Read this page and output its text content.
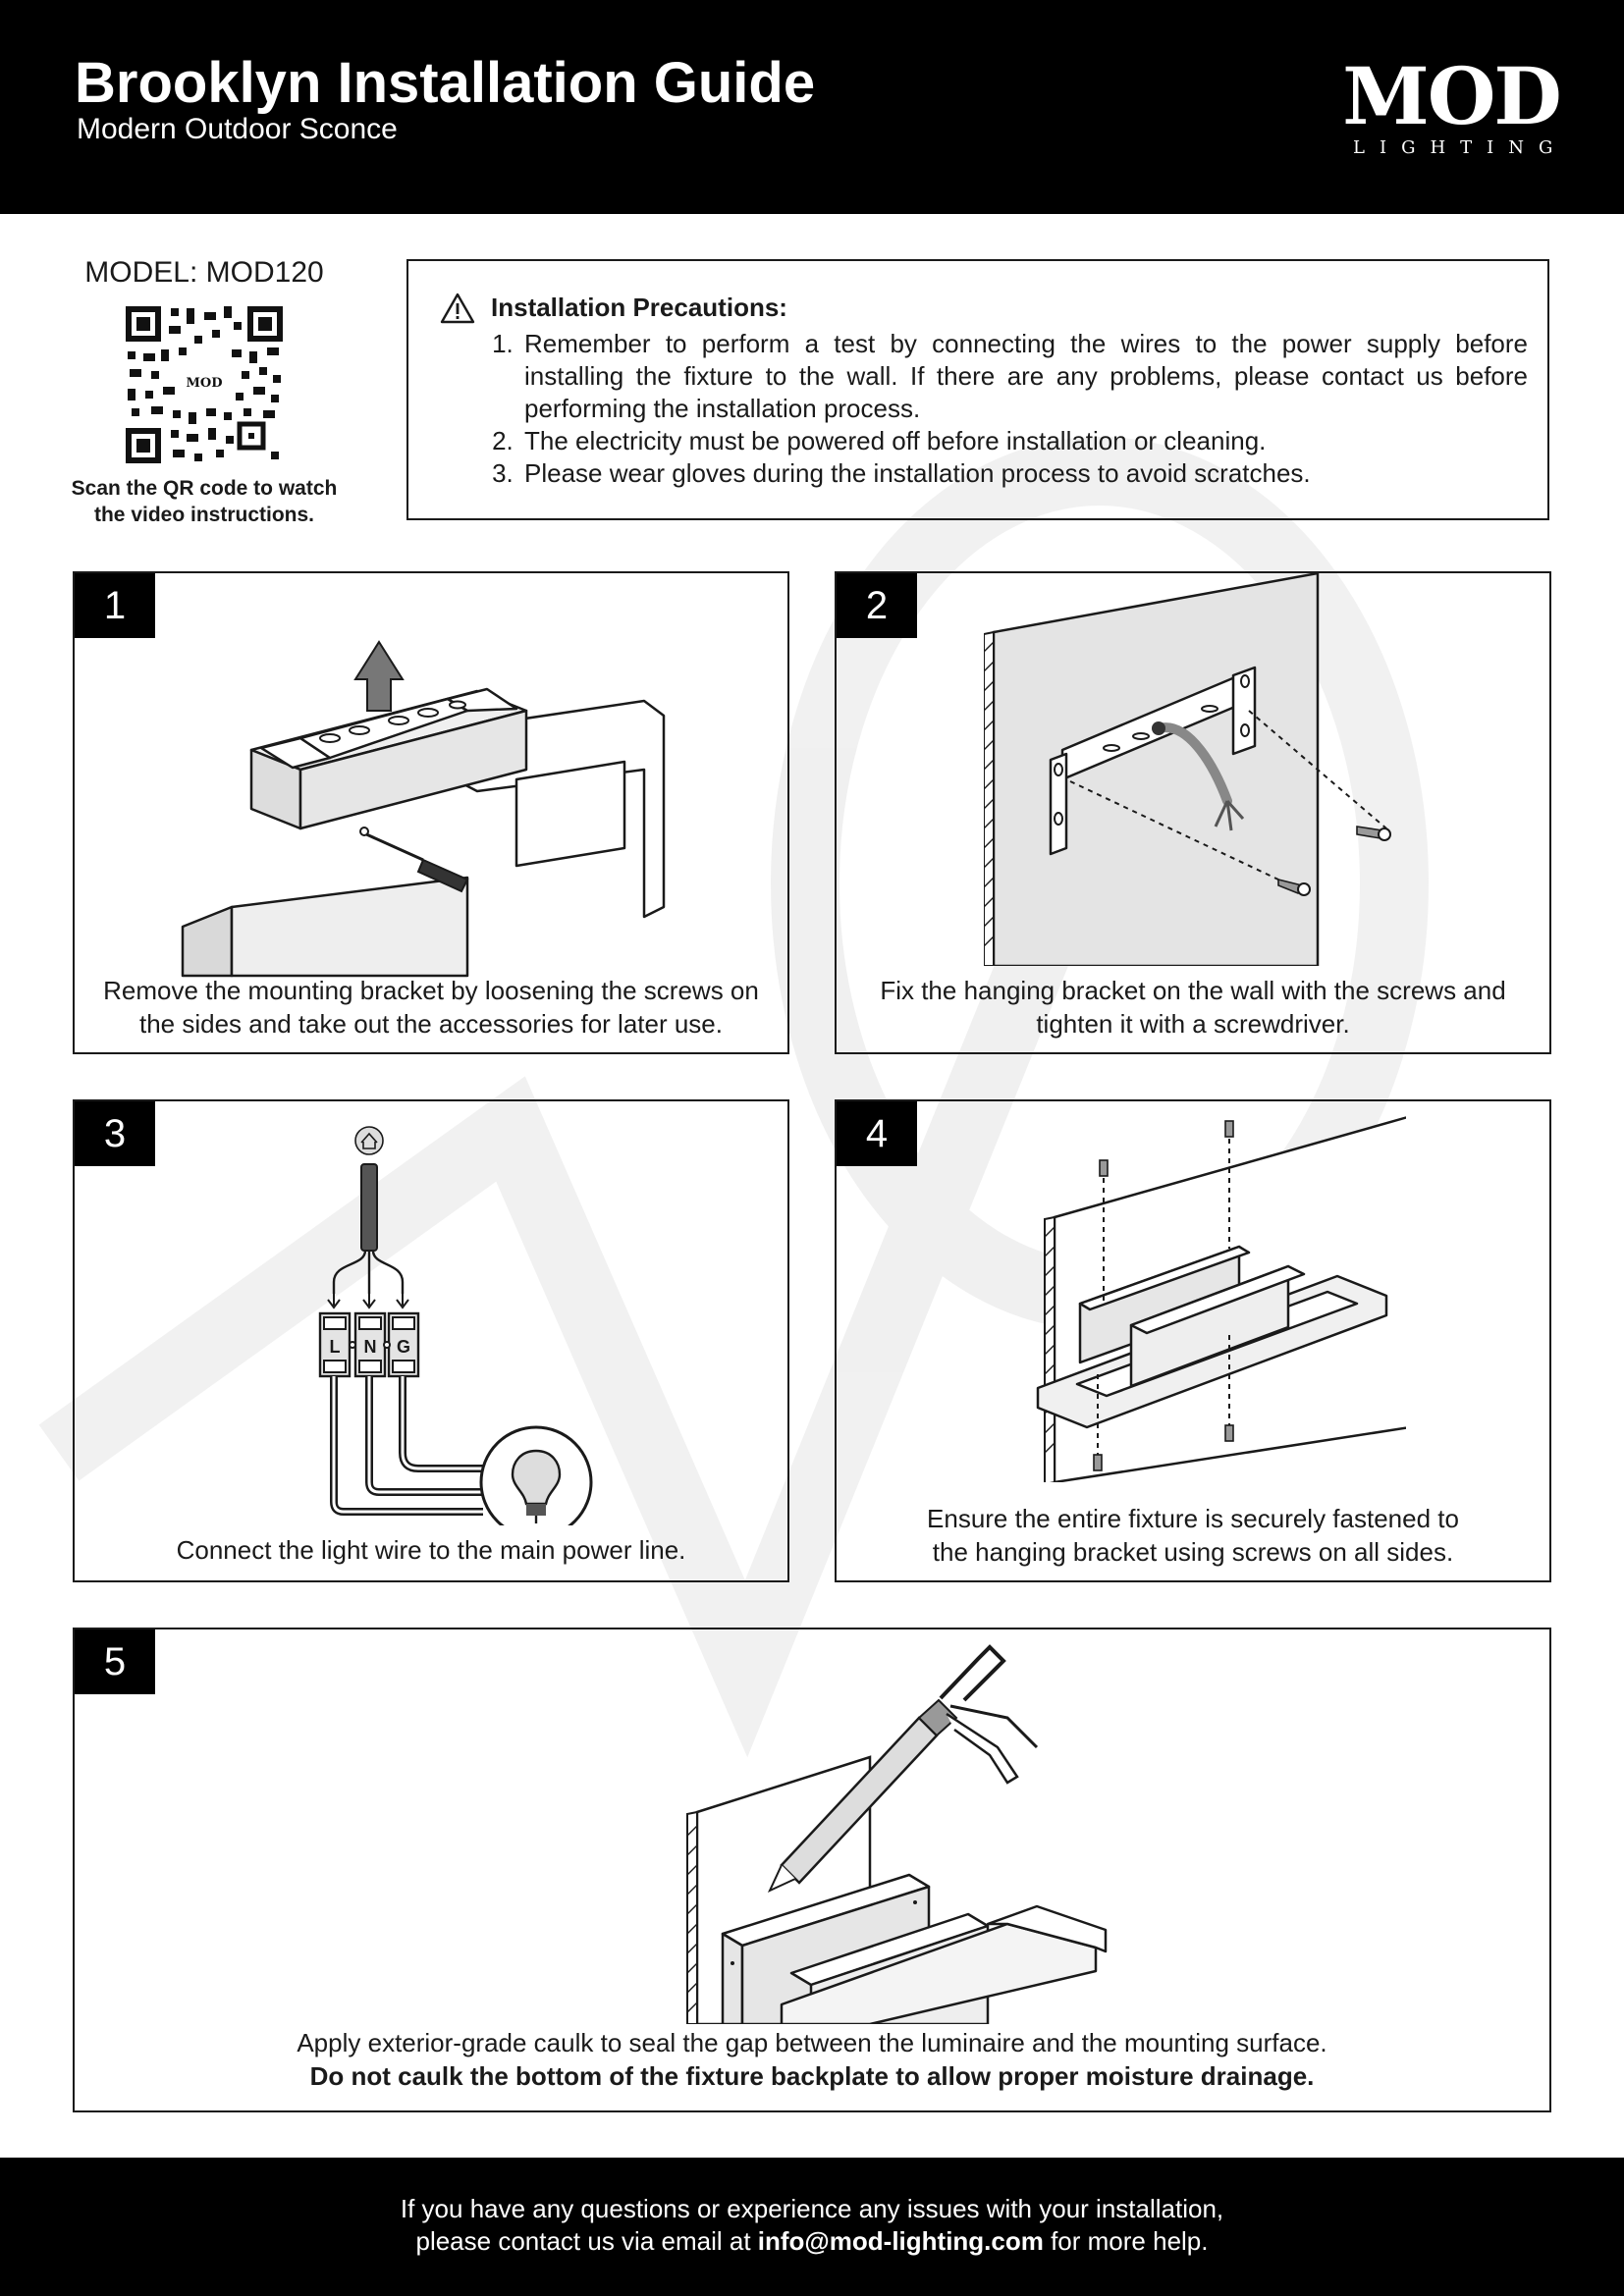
Brooklyn Installation Guide
Modern Outdoor Sconce	MOD
LIGHTING
MODEL: MOD120
MOD
Scan the QR code to watch
the video instructions.
Installation Precautions:
1. Remember to perform a test by connecting the wires to the power supply before installing the fixture to the wall. If there are any problems, please contact us before performing the installation process.
2. The electricity must be powered off before installation or cleaning.
3. Please wear gloves during the installation process to avoid scratches.
1
Remove the mounting bracket by loosening the screws on
the sides and take out the accessories for later use.
2
Fix the hanging bracket on the wall with the screws and
tighten it with a screwdriver.
3
L N G
Connect the light wire to the main power line.
4
Ensure the entire fixture is securely fastened to
the hanging bracket using screws on all sides.
5
Apply exterior-grade caulk to seal the gap between the luminaire and the mounting surface.
Do not caulk the bottom of the fixture backplate to allow proper moisture drainage.
If you have any questions or experience any issues with your installation,
please contact us via email at info@mod-lighting.com for more help.
